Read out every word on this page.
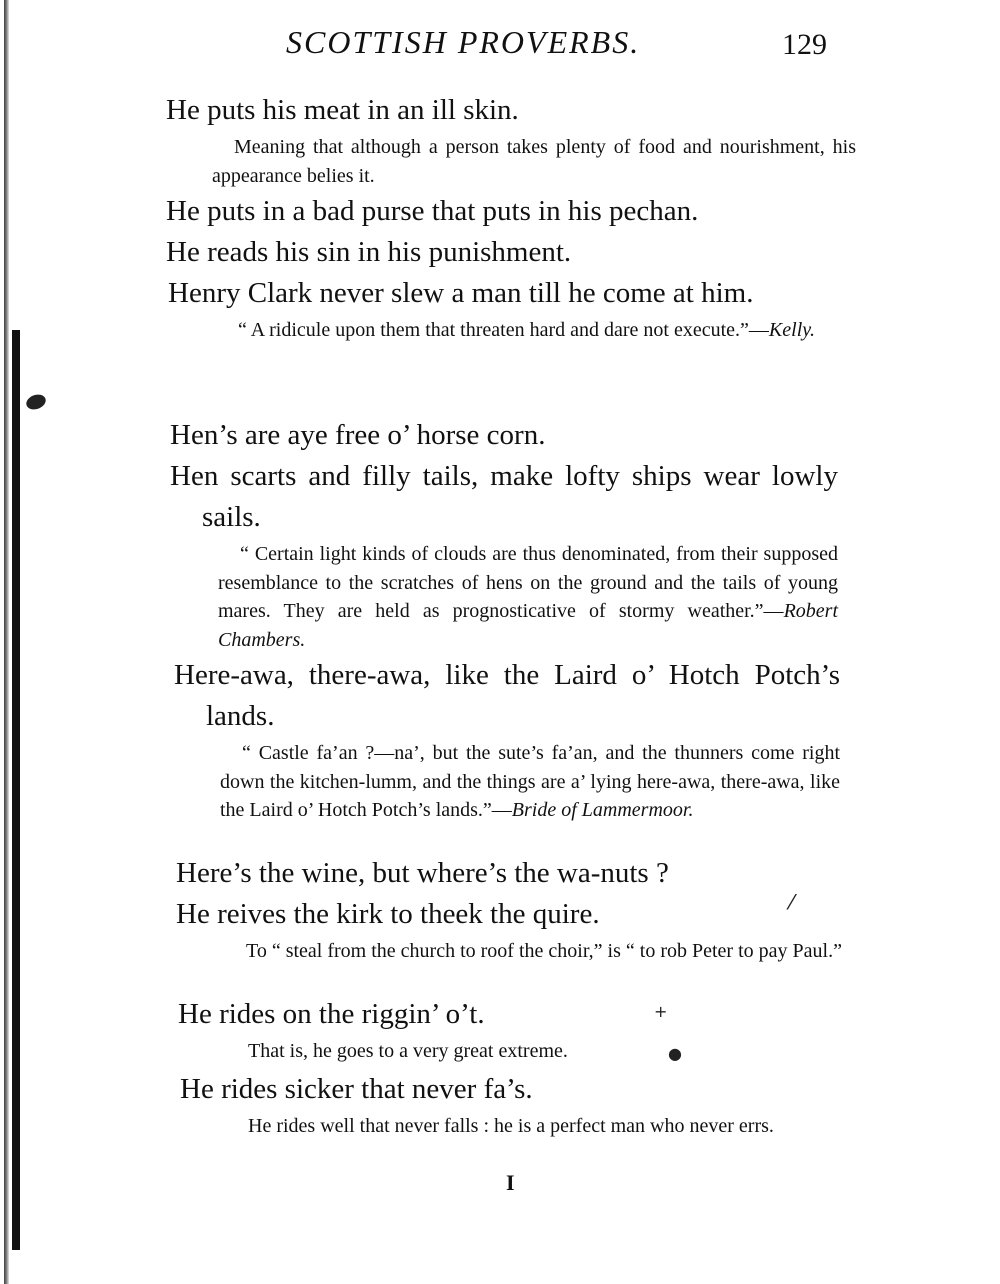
SCOTTISH PROVERBS.	129
He puts his meat in an ill skin.
Meaning that although a person takes plenty of food and nourishment, his appearance belies it.
He puts in a bad purse that puts in his pechan.
He reads his sin in his punishment.
Henry Clark never slew a man till he come at him.
“ A ridicule upon them that threaten hard and dare not execute.”—Kelly.
Hen’s are aye free o’ horse corn.
Hen scarts and filly tails, make lofty ships wear lowly sails.
“ Certain light kinds of clouds are thus denominated, from their supposed resemblance to the scratches of hens on the ground and the tails of young mares. They are held as prognosticative of stormy weather.”—Robert Chambers.
Here-awa, there-awa, like the Laird o’ Hotch Potch’s lands.
“ Castle fa’an ?—na’, but the sute’s fa’an, and the thunners come right down the kitchen-lumm, and the things are a’ lying here-awa, there-awa, like the Laird o’ Hotch Potch’s lands.”—Bride of Lammermoor.
Here’s the wine, but where’s the wa-nuts ?
He reives the kirk to theek the quire.
To “ steal from the church to roof the choir,” is “ to rob Peter to pay Paul.”
He rides on the riggin’ o’t.
That is, he goes to a very great extreme.
He rides sicker that never fa’s.
He rides well that never falls : he is a perfect man who never errs.
I
⁄
+
●
